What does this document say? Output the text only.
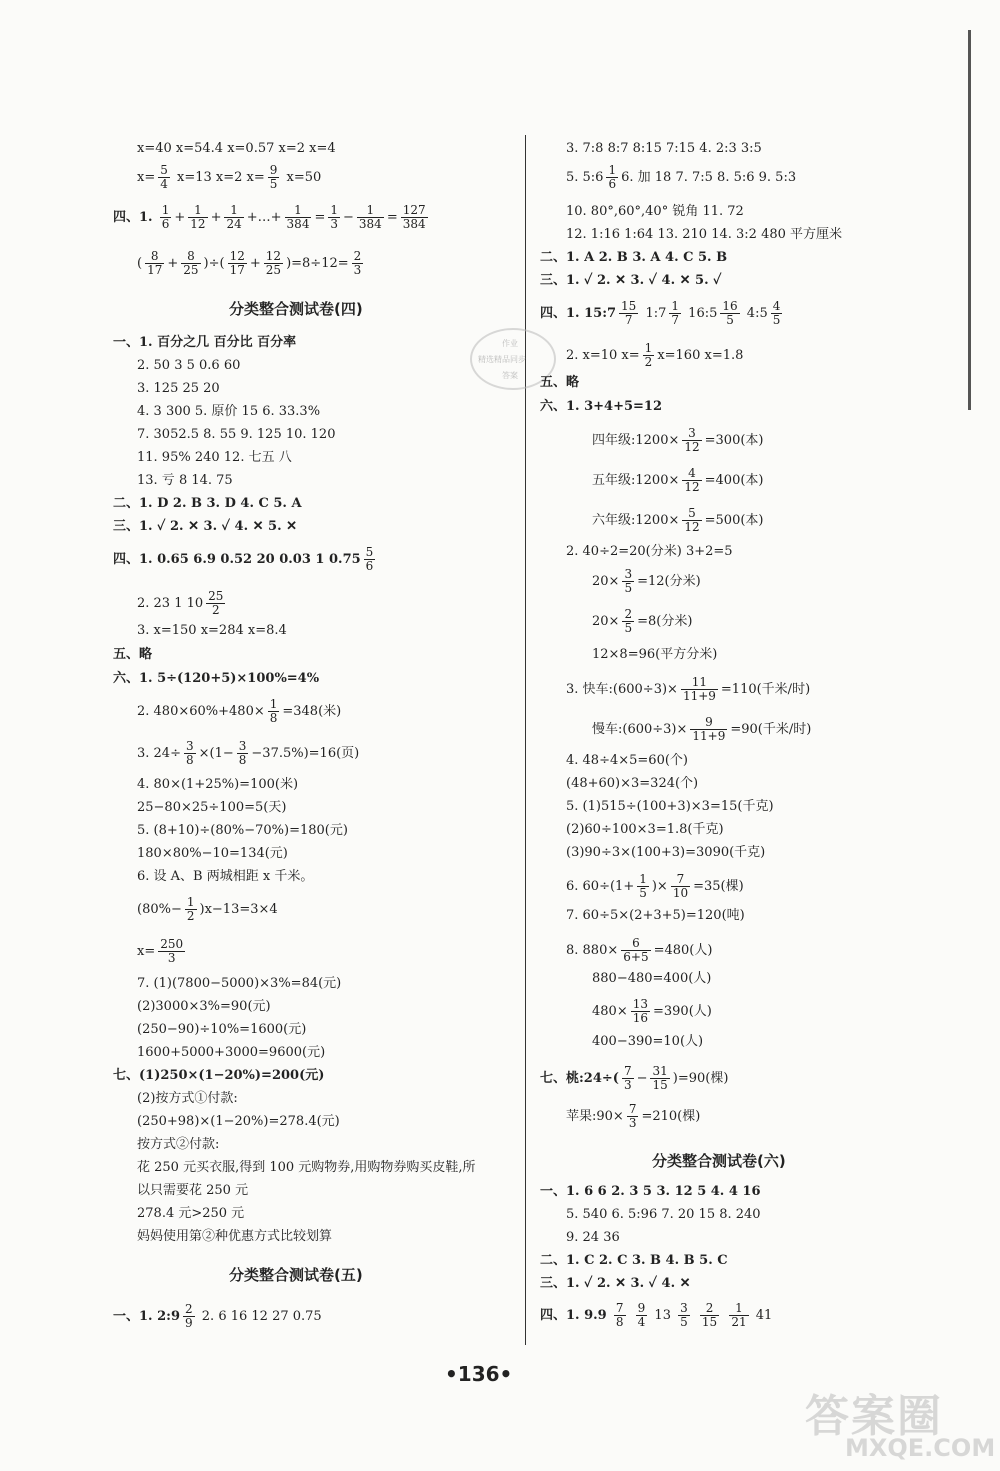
x=40 x=54.4 x=0.57 x=2 x=4
$x= \frac{5}{4} x=13$ x=2 $x= \frac{9}{5} x=50$
四、1. $\frac{1}{6} + \frac{1}{12} + \frac{1}{24}$ +…+ $\frac{1}{384} = \frac{1}{3} - \frac{1}{384} = \frac{127}{384}$
( $\frac{8}{17} + \frac{8}{25}$ )÷( $\frac{12}{17} + \frac{12}{25} )=8\div 12= \frac{2}{3}$
分类整合测试卷(四)
一、1. 百分之几 百分比 百分率
2. 50 3 5 0.6 60
3. 125 25 20
4. 3 300 5. 原价 15 6. 33.3%
7. 3052.5 8. 55 9. 125 10. 120
11. 95% 240 12. 七五 八
13. 亏 8 14. 75
二、1. D 2. B 3. D 4. C 5. A
三、1. ✓ 2. ✕ 3. ✓ 4. ✕ 5. ✕
四、1. 0.65 6.9 0.52 20 0.03 1 $0.75 \frac{5}{6}$
2. 23 1 $10 \frac{25}{2}$
3. x=150 x=284 x=8.4
五、略
六、1. 5÷(120+5)×100%=4%
2. $480\times 60\%+480\times \frac{1}{8} =348$(米)
3. $24\div \frac{3}{8} \times(1- \frac{3}{8} -37.5\%)=16$(页)
4. 80×(1+25%)=100(米)
25−80×25÷100=5(天)
5. (8+10)÷(80%−70%)=180(元)
180×80%−10=134(元)
6. 设 A、B 两城相距 x 千米。
$(80\%- \frac{1}{2} )x-13=3\times 4$
$x= \frac{250}{3}$
7. (1)(7800−5000)×3%=84(元)
(2)3000×3%=90(元)
(250−90)÷10%=1600(元)
1600+5000+3000=9600(元)
七、(1)250×(1−20%)=200(元)
(2)按方式①付款:
(250+98)×(1−20%)=278.4(元)
按方式②付款:
花 250 元买衣服,得到 100 元购物券,用购物券购买皮鞋,所
以只需要花 250 元
278.4 元>250 元
妈妈使用第②种优惠方式比较划算
分类整合测试卷(五)
一、1. 2:9 $\frac{2}{9} 2$. 6 16 12 27 0.75
作业
精选精品同步
答案
3. 7:8 8:7 8:15 7:15 4. 2:3 3:5
5. 5:6 $\frac{1}{6} 6$. 加 18 7. 7:5 8. 5:6 9. 5:3
10. 80°,60°,40° 锐角 11. 72
12. 1:16 1:64 13. 210 14. 3:2 480 平方厘米
二、1. A 2. B 3. A 4. C 5. B
三、1. ✓ 2. ✕ 3. ✓ 4. ✕ 5. ✓
四、1. 15:7 $\frac{15}{7}$ 1:7 $\frac{1}{7}$ 16:5 $\frac{16}{5}$ 4:5 $\frac{4}{5}$
2. x=10 $x= \frac{1}{2} x=160$ x=1.8
五、略
六、1. 3+4+5=12
四年级:1200× $\frac{3}{12} =300$(本)
五年级:1200× $\frac{4}{12} =400$(本)
六年级:1200× $\frac{5}{12} =500$(本)
2. 40÷2=20(分米) 3+2=5
$20\times \frac{3}{5} =12$(分米)
$20\times \frac{2}{5} =8$(分米)
12×8=96(平方分米)
3. 快车:(600÷3)× $\frac{11}{11+9} =110$(千米/时)
慢车:(600÷3)× $\frac{9}{11+9} =90$(千米/时)
4. 48÷4×5=60(个)
(48+60)×3=324(个)
5. (1)515÷(100+3)×3=15(千克)
(2)60÷100×3=1.8(千克)
(3)90÷3×(100+3)=3090(千克)
6. $60\div(1+ \frac{1}{5}$ )× $\frac{7}{10} =35$(棵)
7. 60÷5×(2+3+5)=120(吨)
8. $880\times \frac{6}{6+5} =480$(人)
880−480=400(人)
$480\times \frac{13}{16} =390$(人)
400−390=10(人)
七、桃:24÷( $\frac{7}{3} - \frac{31}{15} )=90$(棵)
苹果:90× $\frac{7}{3} =210$(棵)
分类整合测试卷(六)
一、1. 6 6 2. 3 5 3. 12 5 4. 4 16
5. 540 6. 5:96 7. 20 15 8. 240
9. 24 36
二、1. C 2. C 3. B 4. B 5. C
三、1. ✓ 2. ✕ 3. ✓ 4. ✕
四、1. $9.9 \frac{7}{8}$
$\frac{9}{4} 13 \frac{3}{5}$
$\frac{2}{15}$
$\frac{1}{21} 41$
•136•
答案圈
MXQE.COM
